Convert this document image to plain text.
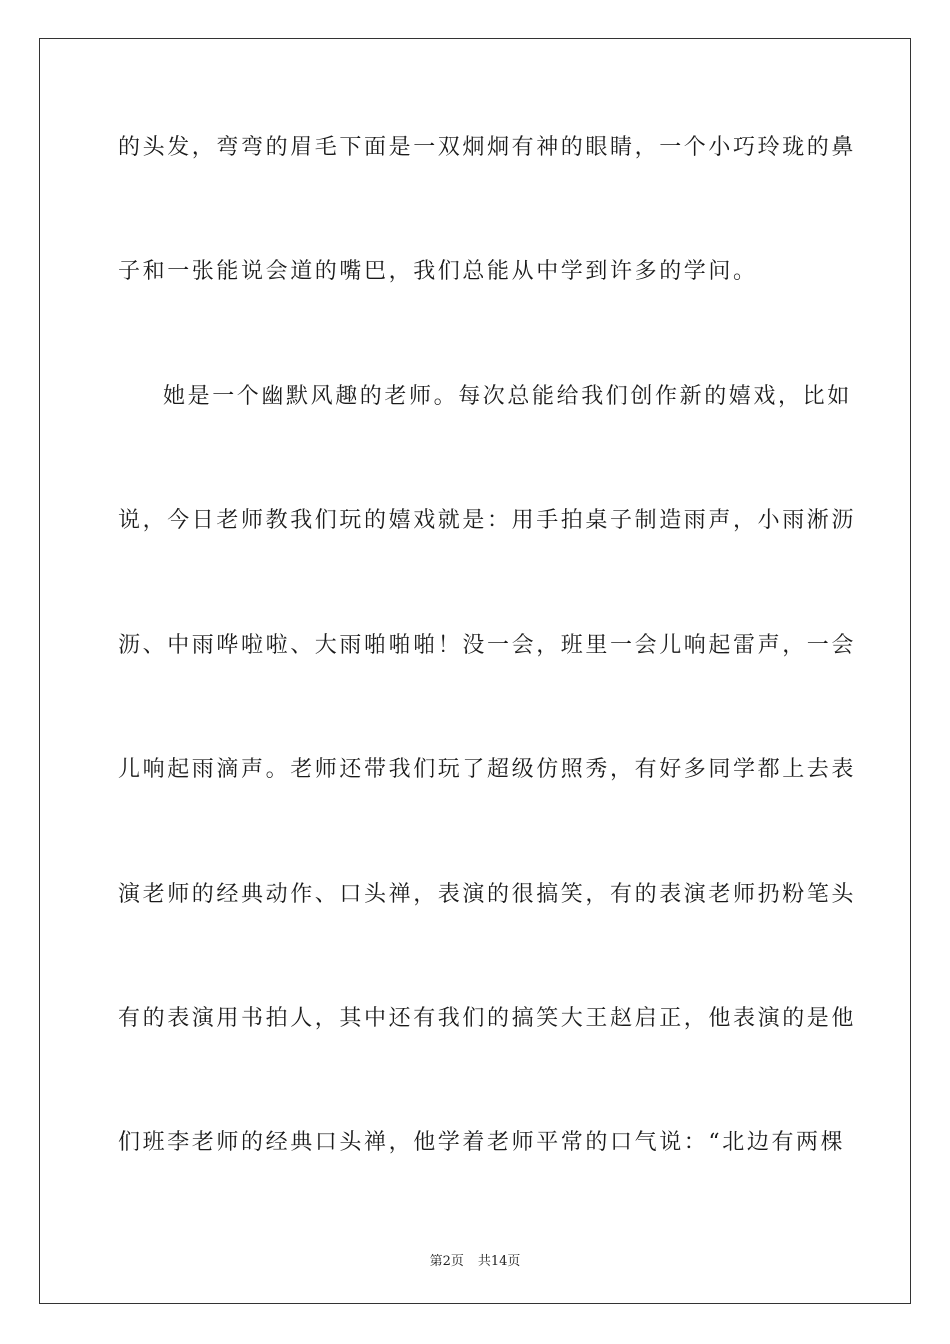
的头发，弯弯的眉毛下面是一双炯炯有神的眼睛，一个小巧玲珑的鼻
子和一张能说会道的嘴巴，我们总能从中学到许多的学问。
她是一个幽默风趣的老师。每次总能给我们创作新的嬉戏，比如
说，今日老师教我们玩的嬉戏就是：用手拍桌子制造雨声，小雨淅沥
沥、中雨哗啦啦、大雨啪啪啪！没一会，班里一会儿响起雷声，一会
儿响起雨滴声。老师还带我们玩了超级仿照秀，有好多同学都上去表
演老师的经典动作、口头禅，表演的很搞笑，有的表演老师扔粉笔头
有的表演用书拍人，其中还有我们的搞笑大王赵启正，他表演的是他
们班李老师的经典口头禅，他学着老师平常的口气说：“北边有两棵
第2页 共14页
